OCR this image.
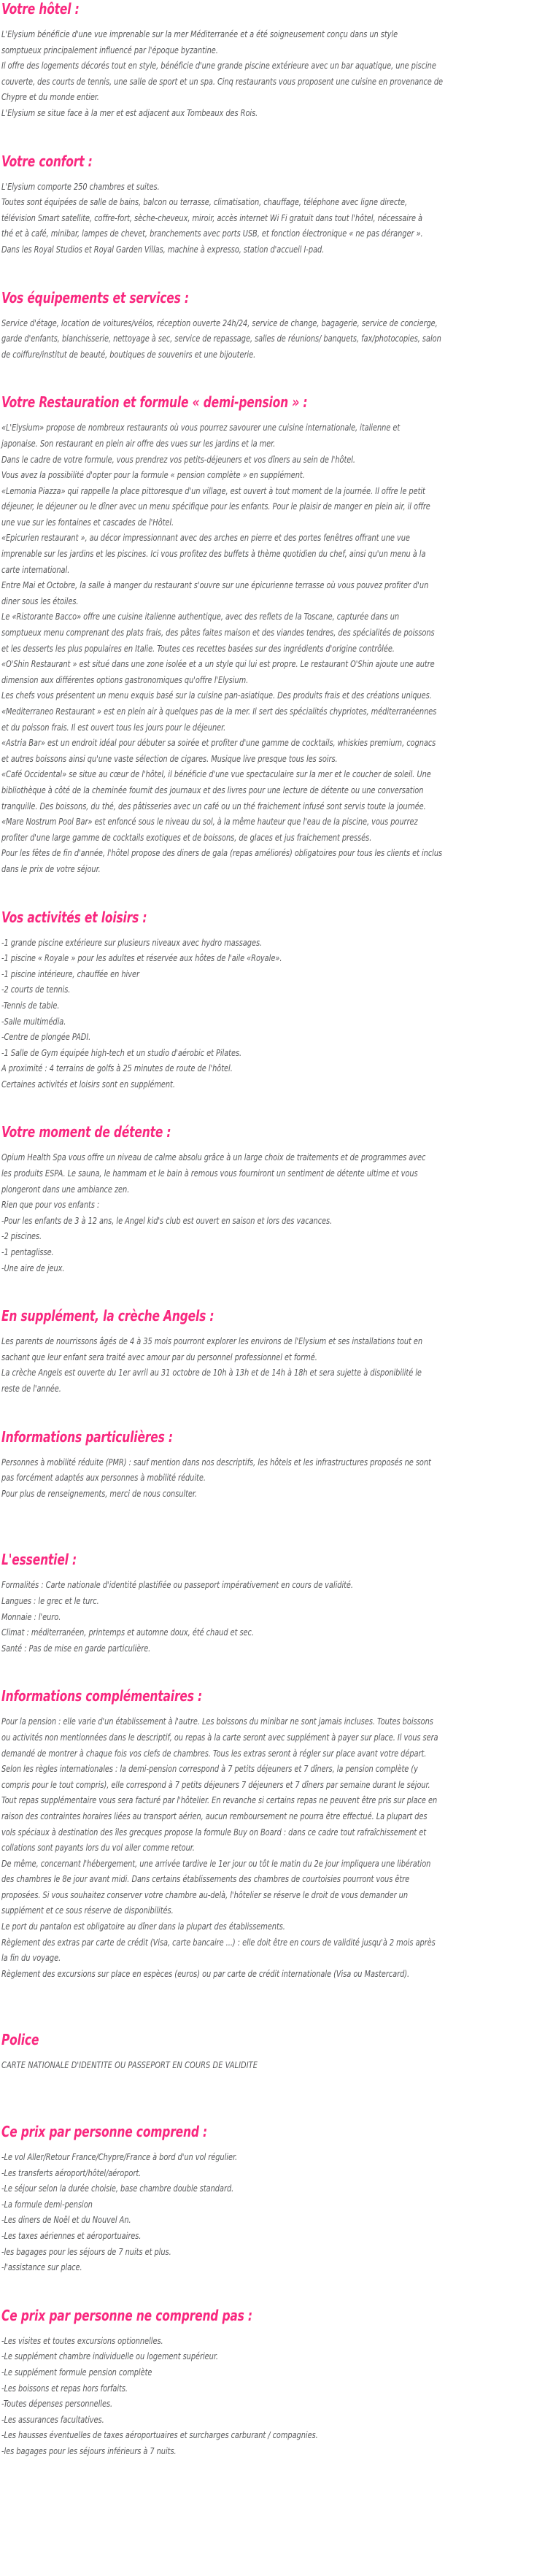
Votre hôtel :

L'Elysium bénéficie d'une vue imprenable sur la mer Méditerranée et a été soigneusement conçu dans un style

somptueux principalement influencé par l'époque byzantine.

Il offre des logements décorés tout en style, bénéficie d'une grande piscine extérieure avec un bar aquatique, une piscine

couverte, des courts de tennis, une salle de sport et un spa. Cinq restaurants vous proposent une cuisine en provenance de

Chypre et du monde entier.

L'Elysium se situe face à la mer et est adjacent aux Tombeaux des Rois.

Votre confort :

L'Elysium comporte 250 chambres et suites.

Toutes sont équipées de salle de bains, balcon ou terrasse, climatisation, chauffage, téléphone avec ligne directe,

télévision Smart satellite, coffre-fort, sèche-cheveux, miroir, accès internet Wi Fi gratuit dans tout l'hôtel, nécessaire à

thé et à café, minibar, lampes de chevet, branchements avec ports USB, et fonction électronique « ne pas déranger ».

Dans les Royal Studios et Royal Garden Villas, machine à expresso, station d'accueil I-pad.

Vos équipements et services :

Service d'étage, location de voitures/vélos, réception ouverte 24h/24, service de change, bagagerie, service de concierge,

garde d'enfants, blanchisserie, nettoyage à sec, service de repassage, salles de réunions/ banquets, fax/photocopies, salon

de coiffure/institut de beauté, boutiques de souvenirs et une bijouterie.

Votre Restauration et formule « demi-pension » :

«L'Elysium» propose de nombreux restaurants où vous pourrez savourer une cuisine internationale, italienne et

japonaise. Son restaurant en plein air offre des vues sur les jardins et la mer.

Dans le cadre de votre formule, vous prendrez vos petits-déjeuners et vos dîners au sein de l'hôtel.

Vous avez la possibilité d'opter pour la formule « pension complète » en supplément.

«Lemonia Piazza» qui rappelle la place pittoresque d'un village, est ouvert à tout moment de la journée. Il offre le petit

déjeuner, le déjeuner ou le dîner avec un menu spécifique pour les enfants. Pour le plaisir de manger en plein air, il offre

une vue sur les fontaines et cascades de l'Hôtel.

«Epicurien restaurant », au décor impressionnant avec des arches en pierre et des portes fenêtres offrant une vue

imprenable sur les jardins et les piscines. Ici vous profitez des buffets à thème quotidien du chef, ainsi qu'un menu à la

carte international.

Entre Mai et Octobre, la salle à manger du restaurant s'ouvre sur une épicurienne terrasse où vous pouvez profiter d'un

diner sous les étoiles.

Le «Ristorante Bacco» offre une cuisine italienne authentique, avec des reflets de la Toscane, capturée dans un

somptueux menu comprenant des plats frais, des pâtes faites maison et des viandes tendres, des spécialités de poissons

et les desserts les plus populaires en Italie. Toutes ces recettes basées sur des ingrédients d'origine contrôlée.

«O'Shin Restaurant » est situé dans une zone isolée et a un style qui lui est propre. Le restaurant O'Shin ajoute une autre

dimension aux différentes options gastronomiques qu'offre l'Elysium.

Les chefs vous présentent un menu exquis basé sur la cuisine pan-asiatique. Des produits frais et des créations uniques.

«Mediterraneo Restaurant » est en plein air à quelques pas de la mer. Il sert des spécialités chypriotes, méditerranéennes

et du poisson frais. Il est ouvert tous les jours pour le déjeuner.

«Astria Bar» est un endroit idéal pour débuter sa soirée et profiter d'une gamme de cocktails, whiskies premium, cognacs

et autres boissons ainsi qu'une vaste sélection de cigares. Musique live presque tous les soirs.

«Café Occidental» se situe au cœur de l'hôtel, il bénéficie d'une vue spectaculaire sur la mer et le coucher de soleil. Une

bibliothèque à côté de la cheminée fournit des journaux et des livres pour une lecture de détente ou une conversation

tranquille. Des boissons, du thé, des pâtisseries avec un café ou un thé fraichement infusé sont servis toute la journée.

«Mare Nostrum Pool Bar» est enfoncé sous le niveau du sol, à la même hauteur que l'eau de la piscine, vous pourrez

profiter d'une large gamme de cocktails exotiques et de boissons, de glaces et jus fraichement pressés.

Pour les fêtes de fin d'année, l'hôtel propose des diners de gala (repas améliorés) obligatoires pour tous les clients et inclus

dans le prix de votre séjour.

Vos activités et loisirs :

-1 grande piscine extérieure sur plusieurs niveaux avec hydro massages.

-1 piscine « Royale » pour les adultes et réservée aux hôtes de l'aile «Royale».

-1 piscine intérieure, chauffée en hiver

-2 courts de tennis.

-Tennis de table.

-Salle multimédia.

-Centre de plongée PADI.

-1 Salle de Gym équipée high-tech et un studio d'aérobic et Pilates.

A proximité : 4 terrains de golfs à 25 minutes de route de l'hôtel.

Certaines activités et loisirs sont en supplément.

Votre moment de détente :

Opium Health Spa vous offre un niveau de calme absolu grâce à un large choix de traitements et de programmes avec

les produits ESPA. Le sauna, le hammam et le bain à remous vous fourniront un sentiment de détente ultime et vous

plongeront dans une ambiance zen.

Rien que pour vos enfants :

-Pour les enfants de 3 à 12 ans, le Angel kid's club est ouvert en saison et lors des vacances.

-2 piscines.

-1 pentaglisse.

-Une aire de jeux.

En supplément, la crèche Angels :

Les parents de nourrissons âgés de 4 à 35 mois pourront explorer les environs de l'Elysium et ses installations tout en

sachant que leur enfant sera traité avec amour par du personnel professionnel et formé.

La crèche Angels est ouverte du 1er avril au 31 octobre de 10h à 13h et de 14h à 18h et sera sujette à disponibilité le

reste de l'année.

Informations particulières :

Personnes à mobilité réduite (PMR) : sauf mention dans nos descriptifs, les hôtels et les infrastructures proposés ne sont

pas forcément adaptés aux personnes à mobilité réduite.

Pour plus de renseignements, merci de nous consulter.

L'essentiel :

Formalités : Carte nationale d'identité plastifiée ou passeport impérativement en cours de validité.

Langues : le grec et le turc.

Monnaie : l'euro.

Climat : méditerranéen, printemps et automne doux, été chaud et sec.

Santé : Pas de mise en garde particulière.

Informations complémentaires :

Pour la pension : elle varie d'un établissement à l'autre. Les boissons du minibar ne sont jamais incluses. Toutes boissons

ou activités non mentionnées dans le descriptif, ou repas à la carte seront avec supplément à payer sur place. Il vous sera

demandé de montrer à chaque fois vos clefs de chambres. Tous les extras seront à régler sur place avant votre départ.

Selon les règles internationales : la demi-pension correspond à 7 petits déjeuners et 7 dîners, la pension complète (y

compris pour le tout compris), elle correspond à 7 petits déjeuners 7 déjeuners et 7 dîners par semaine durant le séjour.

Tout repas supplémentaire vous sera facturé par l'hôtelier. En revanche si certains repas ne peuvent être pris sur place en

raison des contraintes horaires liées au transport aérien, aucun remboursement ne pourra être effectué. La plupart des

vols spéciaux à destination des îles grecques propose la formule Buy on Board : dans ce cadre tout rafraîchissement et

collations sont payants lors du vol aller comme retour.

De même, concernant l'hébergement, une arrivée tardive le 1er jour ou tôt le matin du 2e jour impliquera une libération

des chambres le 8e jour avant midi. Dans certains établissements des chambres de courtoisies pourront vous être

proposées. Si vous souhaitez conserver votre chambre au-delà, l'hôtelier se réserve le droit de vous demander un

supplément et ce sous réserve de disponibilités.

Le port du pantalon est obligatoire au dîner dans la plupart des établissements.

Règlement des extras par carte de crédit (Visa, carte bancaire ...) : elle doit être en cours de validité jusqu'à 2 mois après

la fin du voyage.

Règlement des excursions sur place en espèces (euros) ou par carte de crédit internationale (Visa ou Mastercard).

Police

CARTE NATIONALE D'IDENTITE OU PASSEPORT EN COURS DE VALIDITE

Ce prix par personne comprend :

-Le vol Aller/Retour France/Chypre/France à bord d'un vol régulier.

-Les transferts aéroport/hôtel/aéroport.

-Le séjour selon la durée choisie, base chambre double standard.

-La formule demi-pension

-Les diners de Noël et du Nouvel An.

-Les taxes aériennes et aéroportuaires.

-les bagages pour les séjours de 7 nuits et plus.

-l'assistance sur place.

Ce prix par personne ne comprend pas :

-Les visites et toutes excursions optionnelles.

-Le supplément chambre individuelle ou logement supérieur.

-Le supplément formule pension complète

-Les boissons et repas hors forfaits.

-Toutes dépenses personnelles.

-Les assurances facultatives.

-Les hausses éventuelles de taxes aéroportuaires et surcharges carburant / compagnies.

-les bagages pour les séjours inférieurs à 7 nuits.
